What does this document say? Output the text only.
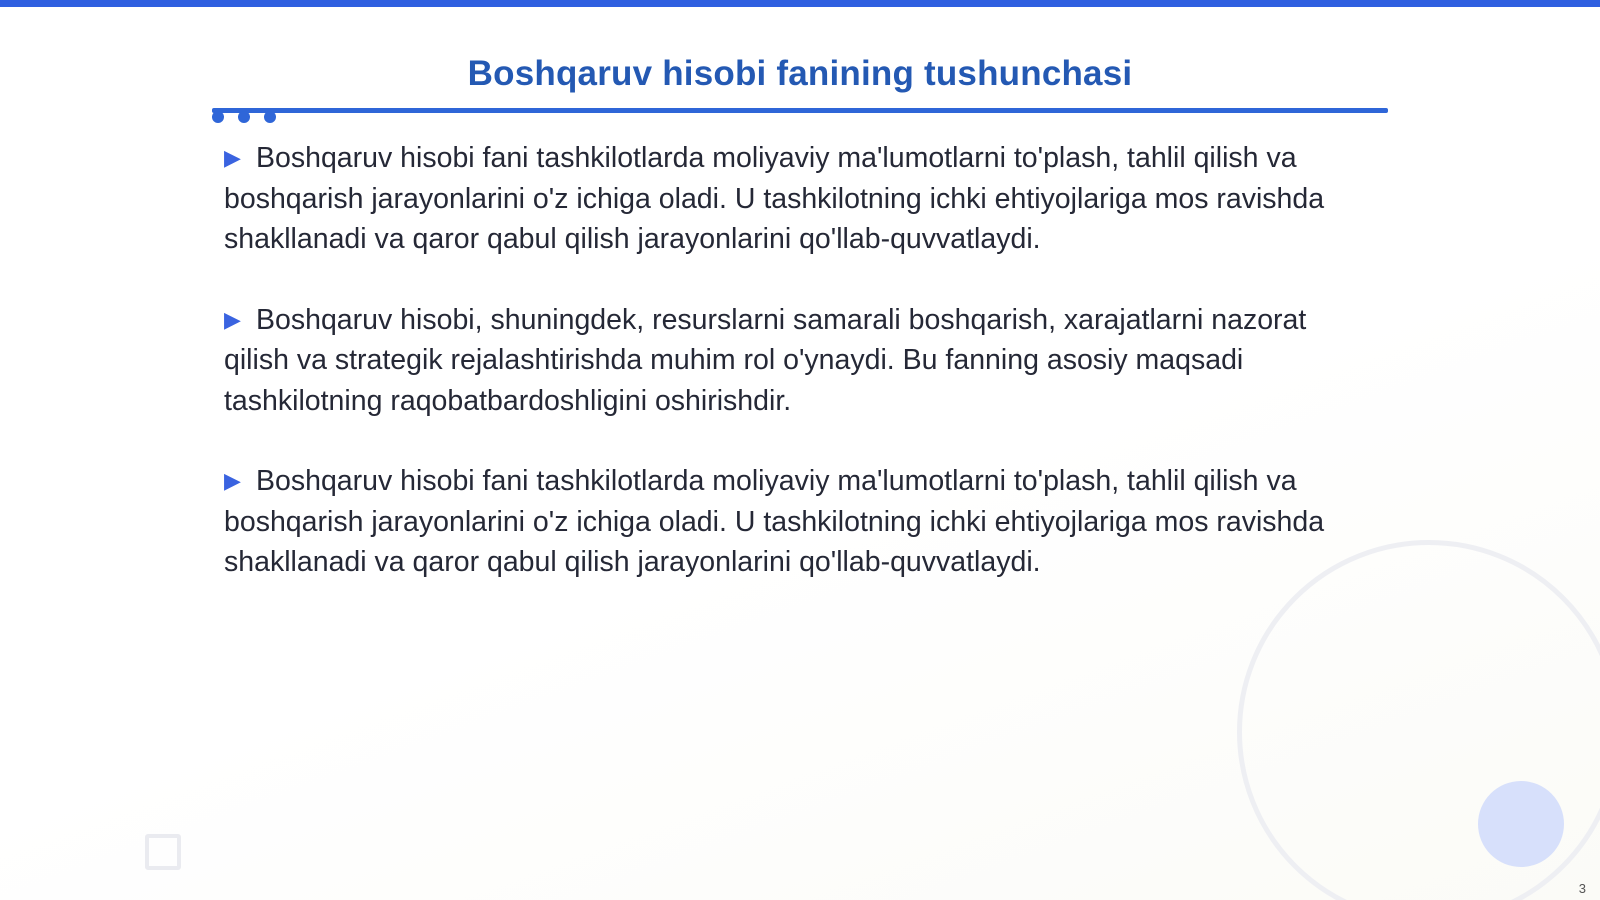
Boshqaruv hisobi fanining tushunchasi

▶ Boshqaruv hisobi fani tashkilotlarda moliyaviy ma'lumotlarni to'plash, tahlil qilish va boshqarish jarayonlarini o'z ichiga oladi. U tashkilotning ichki ehtiyojlariga mos ravishda shakllanadi va qaror qabul qilish jarayonlarini qo'llab-quvvatlaydi.

▶ Boshqaruv hisobi, shuningdek, resurslarni samarali boshqarish, xarajatlarni nazorat qilish va strategik rejalashtirishda muhim rol o'ynaydi. Bu fanning asosiy maqsadi tashkilotning raqobatbardoshligini oshirishdir.

▶ Boshqaruv hisobi fani tashkilotlarda moliyaviy ma'lumotlarni to'plash, tahlil qilish va boshqarish jarayonlarini o'z ichiga oladi. U tashkilotning ichki ehtiyojlariga mos ravishda shakllanadi va qaror qabul qilish jarayonlarini qo'llab-quvvatlaydi.

3
